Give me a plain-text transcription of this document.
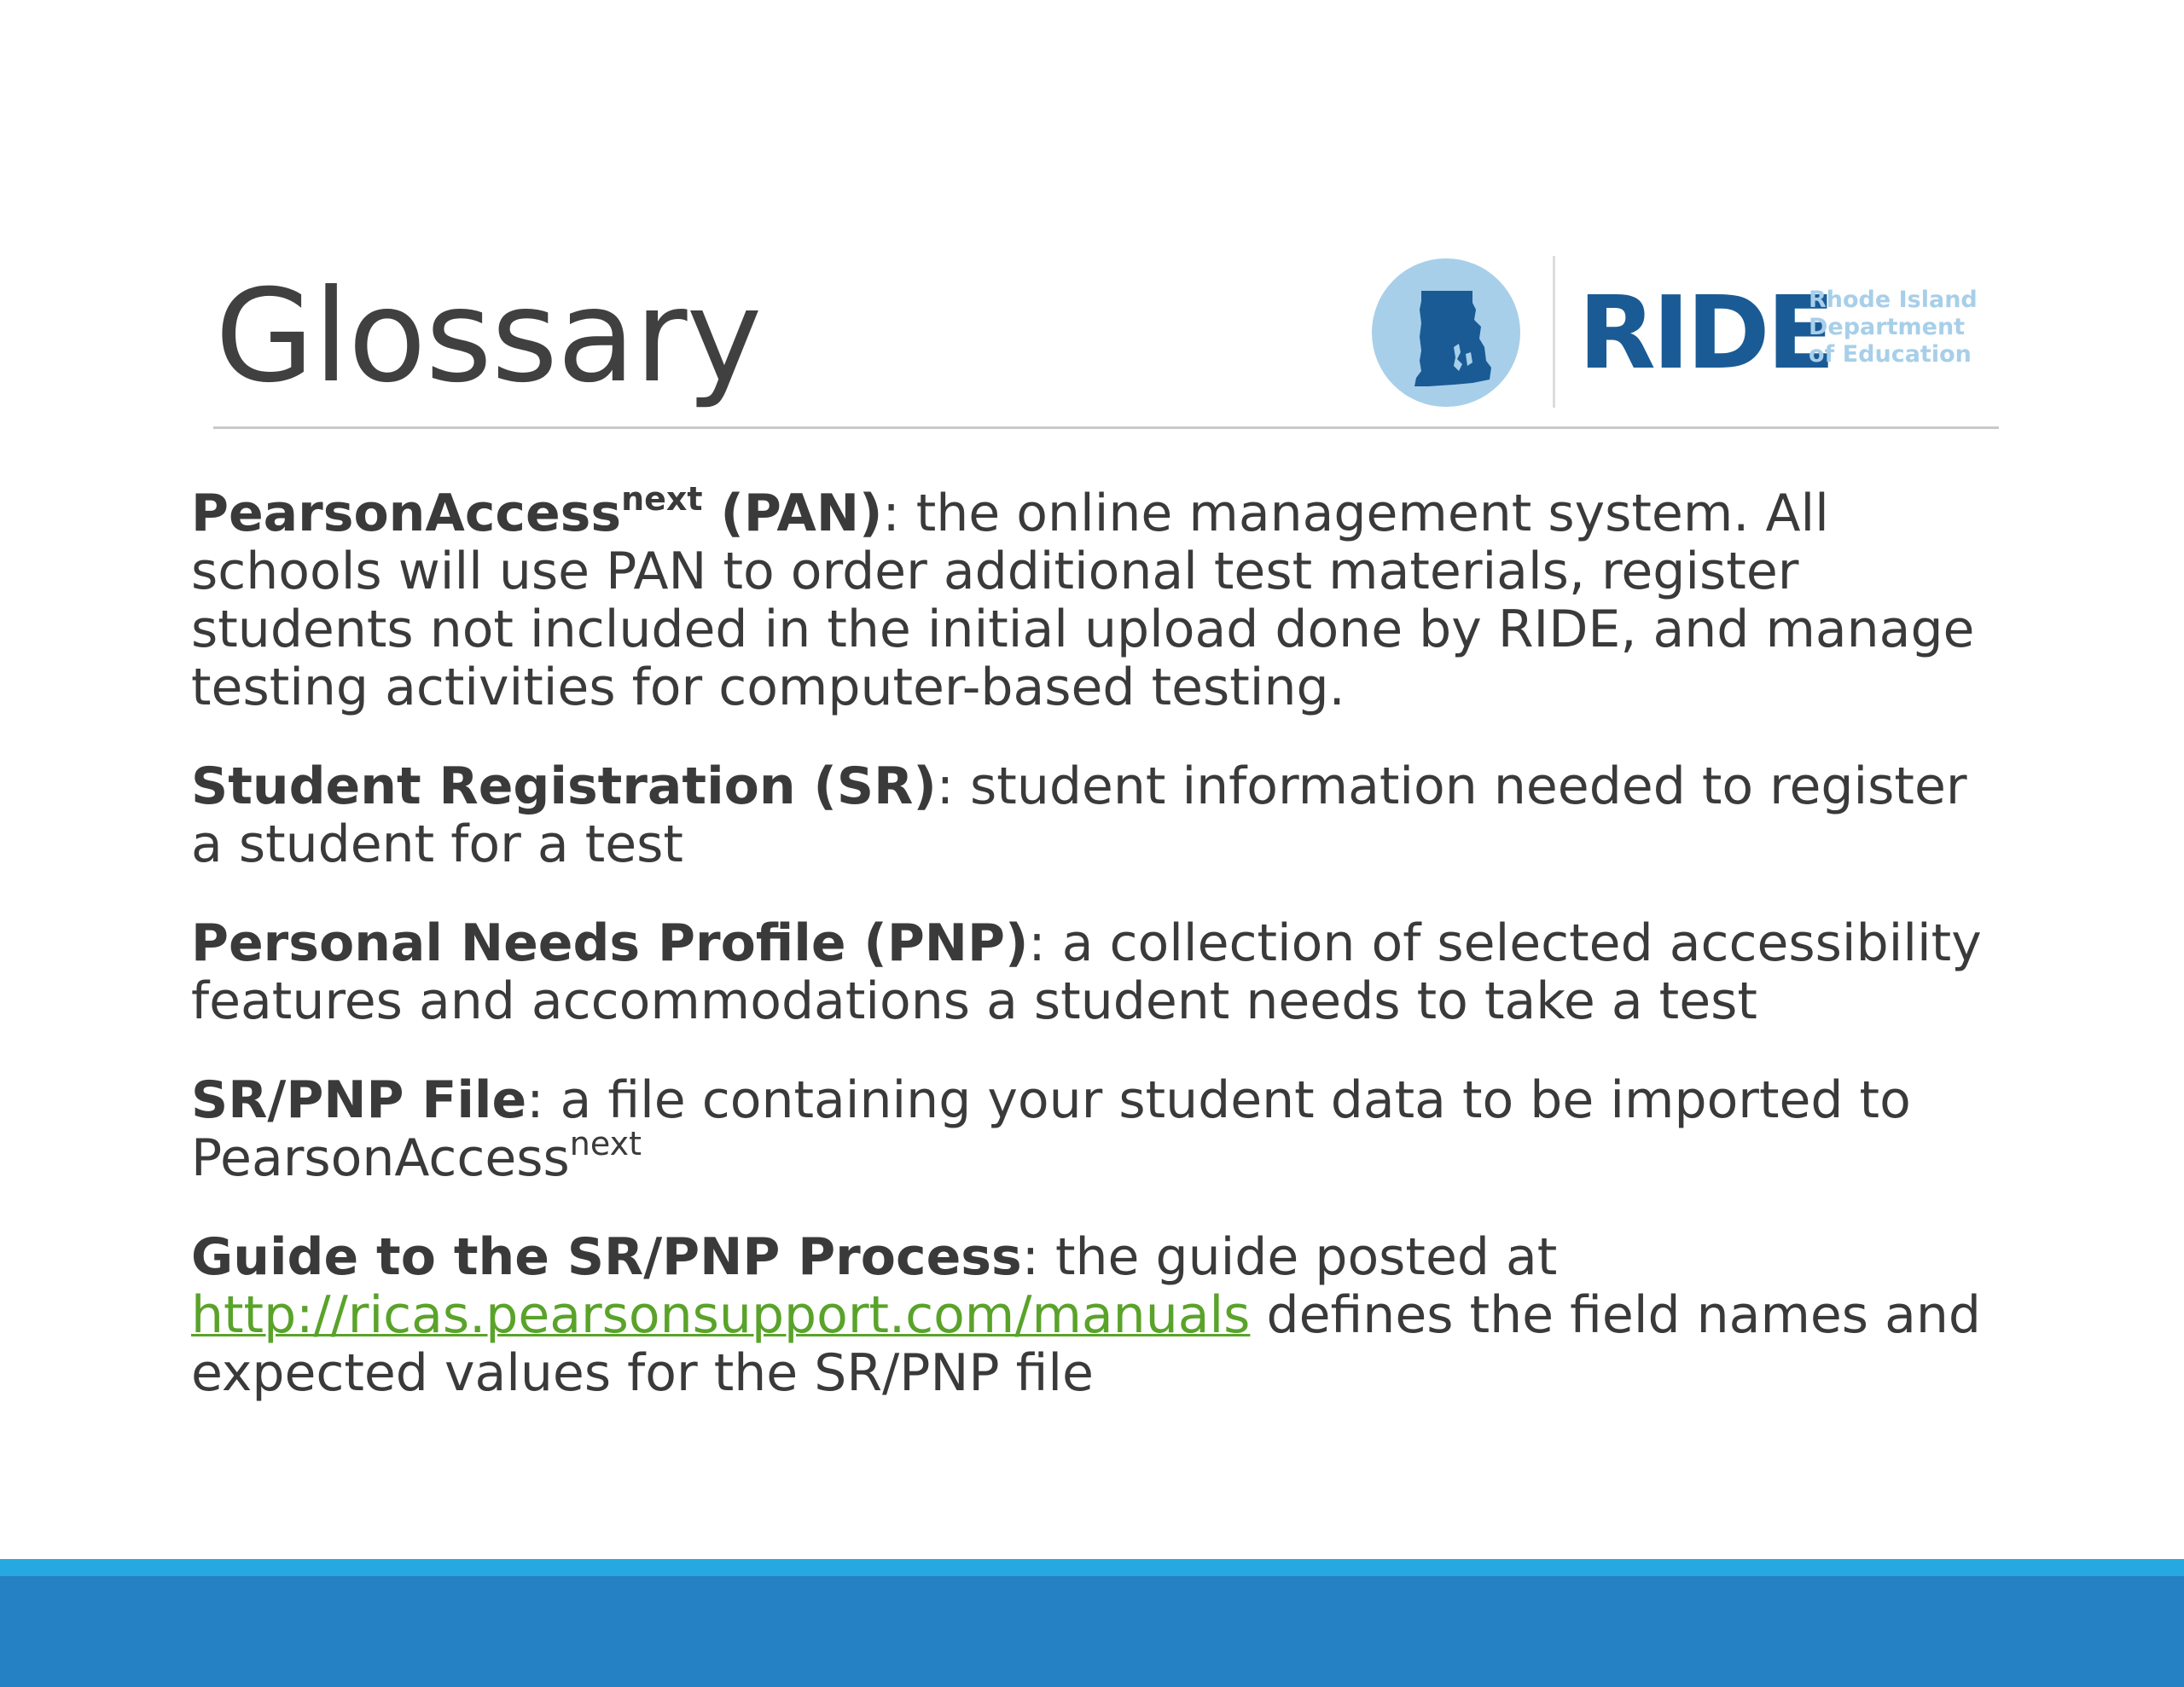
Glossary	RIDE
Rhode Island
Department
of Education

PearsonAccess$^{next}$ (PAN): the online management system. All schools will use PAN to order additional test materials, register students not included in the initial upload done by RIDE, and manage testing activities for computer-based testing.

Student Registration (SR): student information needed to register a student for a test

Personal Needs Profile (PNP): a collection of selected accessibility features and accommodations a student needs to take a test

SR/PNP File: a file containing your student data to be imported to PearsonAccess$^{next}$

Guide to the SR/PNP Process: the guide posted at http://ricas.pearsonsupport.com/manuals defines the field names and expected values for the SR/PNP file
